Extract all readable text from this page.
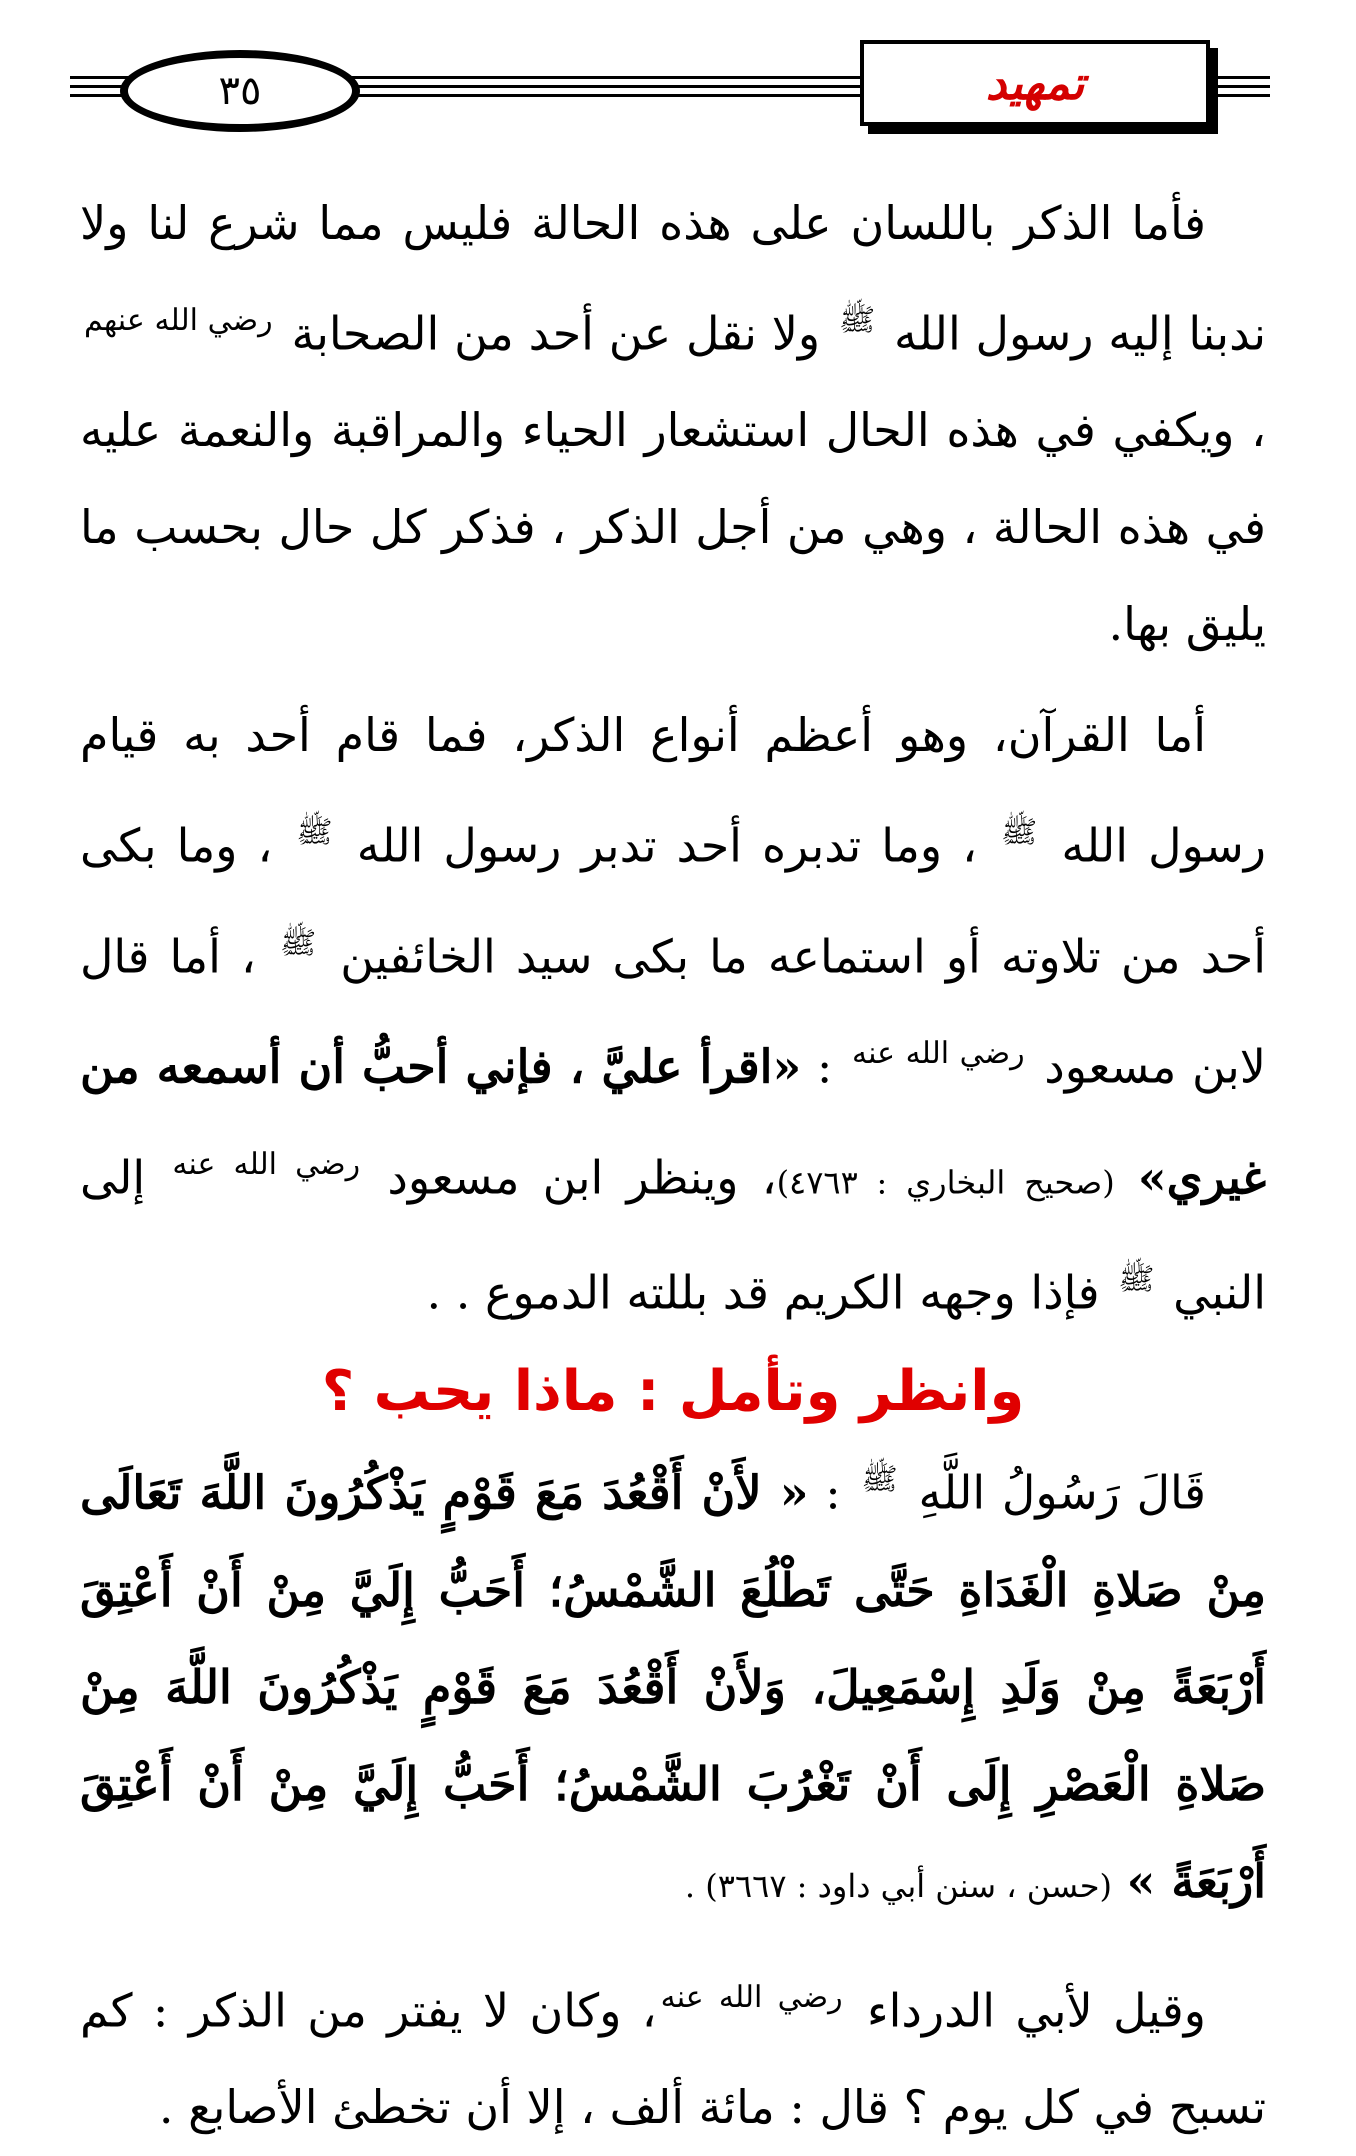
٣٥	تمهيد

فأما الذكر باللسان على هذه الحالة فليس مما شرع لنا ولا ندبنا إليه رسول الله $^ﷺ$ ولا نقل عن أحد من الصحابة $^{رضي الله عنهم}$ ، ويكفي في هذه الحال استشعار الحياء والمراقبة والنعمة عليه في هذه الحالة ، وهي من أجل الذكر ، فذكر كل حال بحسب ما يليق بها.

أما القرآن، وهو أعظم أنواع الذكر، فما قام أحد به قيام رسول الله $^ﷺ$ ، وما تدبره أحد تدبر رسول الله $^ﷺ$ ، وما بكى أحد من تلاوته أو استماعه ما بكى سيد الخائفين $^ﷺ$ ، أما قال لابن مسعود $^{رضي الله عنه}$ : «اقرأ عليَّ ، فإني أحبُّ أن أسمعه من غيري» (صحيح البخاري : ٤٧٦٣)، وينظر ابن مسعود $^{رضي الله عنه}$ إلى النبي $^ﷺ$ فإذا وجهه الكريم قد بللته الدموع . .

وانظر وتأمل : ماذا يحب ؟

قَالَ رَسُولُ اللَّهِ $^ﷺ$ : « لأَنْ أَقْعُدَ مَعَ قَوْمٍ يَذْكُرُونَ اللَّهَ تَعَالَى مِنْ صَلاةِ الْغَدَاةِ حَتَّى تَطْلُعَ الشَّمْسُ؛ أَحَبُّ إِلَيَّ مِنْ أَنْ أَعْتِقَ أَرْبَعَةً مِنْ وَلَدِ إِسْمَعِيلَ، وَلأَنْ أَقْعُدَ مَعَ قَوْمٍ يَذْكُرُونَ اللَّهَ مِنْ صَلاةِ الْعَصْرِ إِلَى أَنْ تَغْرُبَ الشَّمْسُ؛ أَحَبُّ إِلَيَّ مِنْ أَنْ أَعْتِقَ أَرْبَعَةً » (حسن ، سنن أبي داود : ٣٦٦٧) .

وقيل لأبي الدرداء $^{رضي الله عنه}$، وكان لا يفتر من الذكر : كم تسبح في كل يوم ؟ قال : مائة ألف ، إلا أن تخطئ الأصابع .
